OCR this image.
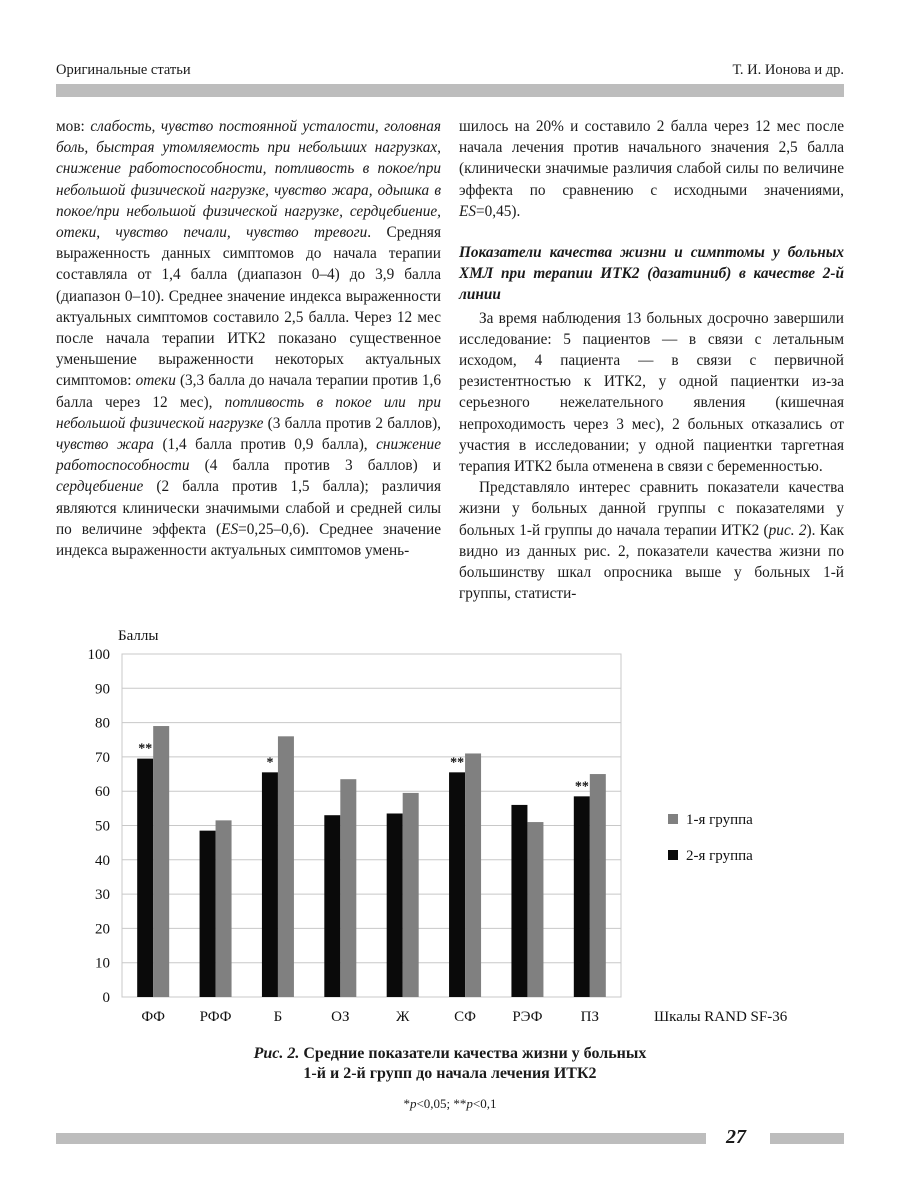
Оригинальные статьи	Т. И. Ионова и др.

мов: слабость, чувство постоянной усталости, головная боль, быстрая утомляемость при небольших нагрузках, снижение работоспособности, потливость в покое/при небольшой физической нагрузке, чувство жара, одышка в покое/при небольшой физической нагрузке, сердцебиение, отеки, чувство печали, чувство тревоги. Средняя выраженность данных симптомов до начала терапии составляла от 1,4 балла (диапазон 0–4) до 3,9 балла (диапазон 0–10). Среднее значение индекса выраженности актуальных симптомов составило 2,5 балла. Через 12 мес после начала терапии ИТК2 показано существенное уменьшение выраженности некоторых актуальных симптомов: отеки (3,3 балла до начала терапии против 1,6 балла через 12 мес), потливость в покое или при небольшой физической нагрузке (3 балла против 2 баллов), чувство жара (1,4 балла против 0,9 балла), снижение работоспособности (4 балла против 3 баллов) и сердцебиение (2 балла против 1,5 балла); различия являются клинически значимыми слабой и средней силы по величине эффекта (ES=0,25–0,6). Среднее значение индекса выраженности актуальных симптомов умень-

шилось на 20% и составило 2 балла через 12 мес после начала лечения против начального значения 2,5 балла (клинически значимые различия слабой силы по величине эффекта по сравнению с исходными значениями, ES=0,45).

Показатели качества жизни и симптомы у больных ХМЛ при терапии ИТК2 (дазатиниб) в качестве 2-й линии

За время наблюдения 13 больных досрочно завершили исследование: 5 пациентов — в связи с летальным исходом, 4 пациента — в связи с первичной резистентностью к ИТК2, у одной пациентки из-за серьезного нежелательного явления (кишечная непроходимость через 3 мес), 2 больных отказались от участия в исследовании; у одной пациентки таргетная терапия ИТК2 была отменена в связи с беременностью.

Представляло интерес сравнить показатели качества жизни у больных данной группы с показателями у больных 1-й группы до начала терапии ИТК2 (рис. 2). Как видно из данных рис. 2, показатели качества жизни по большинству шкал опросника выше у больных 1-й группы, статисти-

0
10
20
30
40
50
60
70
80
90
100
Баллы
**
ФФ РФФ
*
Б	ОЗ	Ж
**
СФ РЭФ
**
ПЗ	Шкалы RAND SF-36
1-я группа
2-я группа
Рис. 2. Средние показатели качества жизни у больных
1-й и 2-й групп до начала лечения ИТК2
*p<0,05; **p<0,1
27
